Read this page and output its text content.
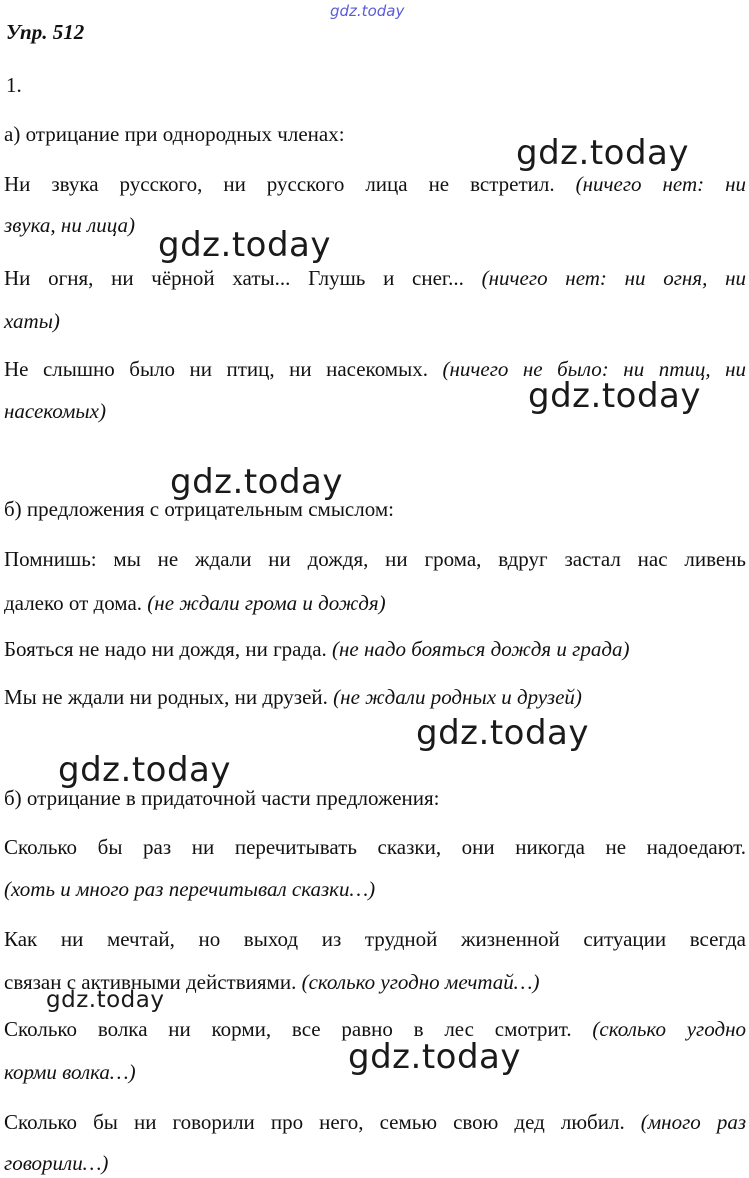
gdz.today
Упр. 512
1.
а) отрицание при однородных членах:
Ни звука русского, ни русского лица не встретил. (ничего нет: ни
звука, ни лица)
Ни огня, ни чёрной хаты... Глушь и снег... (ничего нет: ни огня, ни
хаты)
Не слышно было ни птиц, ни насекомых. (ничего не было: ни птиц, ни
насекомых)
б) предложения с отрицательным смыслом:
Помнишь: мы не ждали ни дождя, ни грома, вдруг застал нас ливень
далеко от дома. (не ждали грома и дождя)
Бояться не надо ни дождя, ни града. (не надо бояться дождя и града)
Мы не ждали ни родных, ни друзей. (не ждали родных и друзей)
б) отрицание в придаточной части предложения:
Сколько бы раз ни перечитывать сказки, они никогда не надоедают.
(хоть и много раз перечитывал сказки…)
Как ни мечтай, но выход из трудной жизненной ситуации всегда
связан с активными действиями. (сколько угодно мечтай…)
Сколько волка ни корми, все равно в лес смотрит. (сколько угодно
корми волка…)
Сколько бы ни говорили про него, семью свою дед любил. (много раз
говорили…)
gdz.today
gdz.today
gdz.today
gdz.today
gdz.today
gdz.today
gdz.today
gdz.today
